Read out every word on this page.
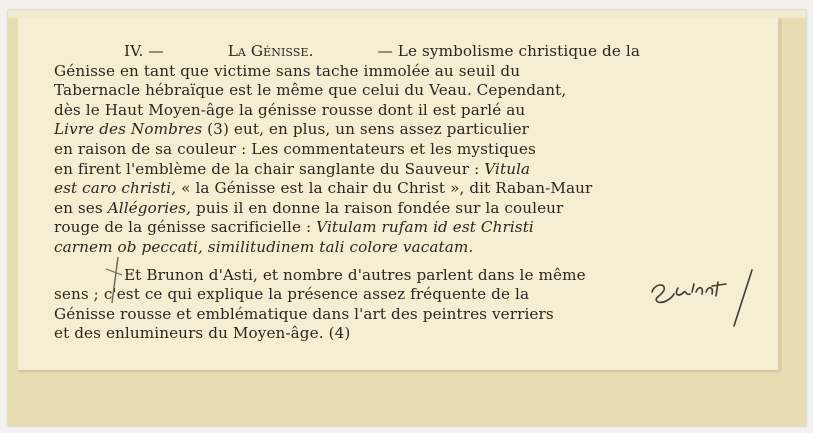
IV. —	La Génisse.	— Le symbolisme christique de la
Génisse en tant que victime sans tache immolée au seuil du
Tabernacle hébraïque est le même que celui du Veau. Cependant,
dès le Haut Moyen-âge la génisse rousse dont il est parlé au
Livre des Nombres (3) eut, en plus, un sens assez particulier
en raison de sa couleur : Les commentateurs et les mystiques
en firent l'emblème de la chair sanglante du Sauveur : Vitula
est caro christi, « la Génisse est la chair du Christ », dit Raban-Maur
en ses Allégories, puis il en donne la raison fondée sur la couleur
rouge de la génisse sacrificielle : Vitulam rufam id est Christi
carnem ob peccati, similitudinem tali colore vacatam.
Et Brunon d'Asti, et nombre d'autres parlent dans le même
sens ; c'est ce qui explique la présence assez fréquente de la
Génisse rousse et emblématique dans l'art des peintres verriers
et des enlumineurs du Moyen-âge. (4)
